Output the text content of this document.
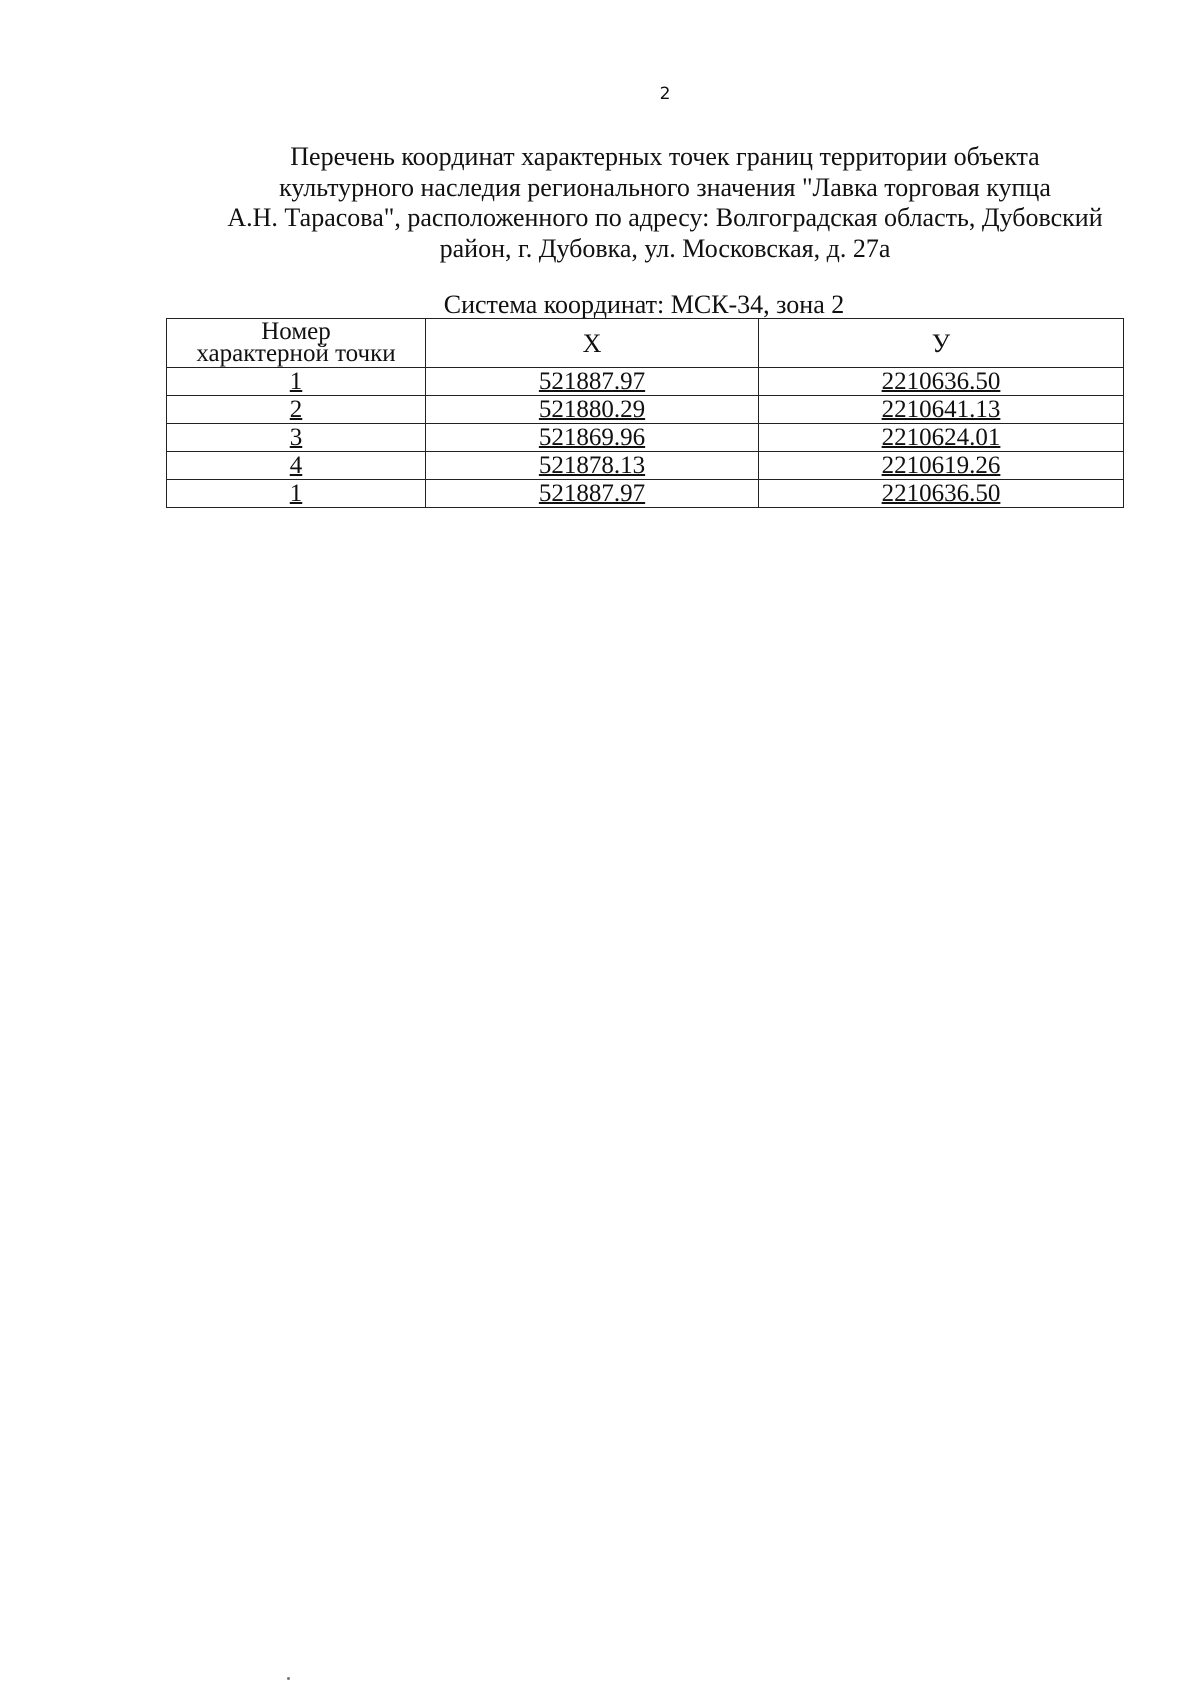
2
Перечень координат характерных точек границ территории объекта
культурного наследия регионального значения "Лавка торговая купца
А.Н. Тарасова", расположенного по адресу: Волгоградская область, Дубовский
район, г. Дубовка, ул. Московская, д. 27а
Система координат: МСК-34, зона 2
Номер
характерной точки	X	У
1	521887.97	2210636.50
2	521880.29	2210641.13
3	521869.96	2210624.01
4	521878.13	2210619.26
1	521887.97	2210636.50
